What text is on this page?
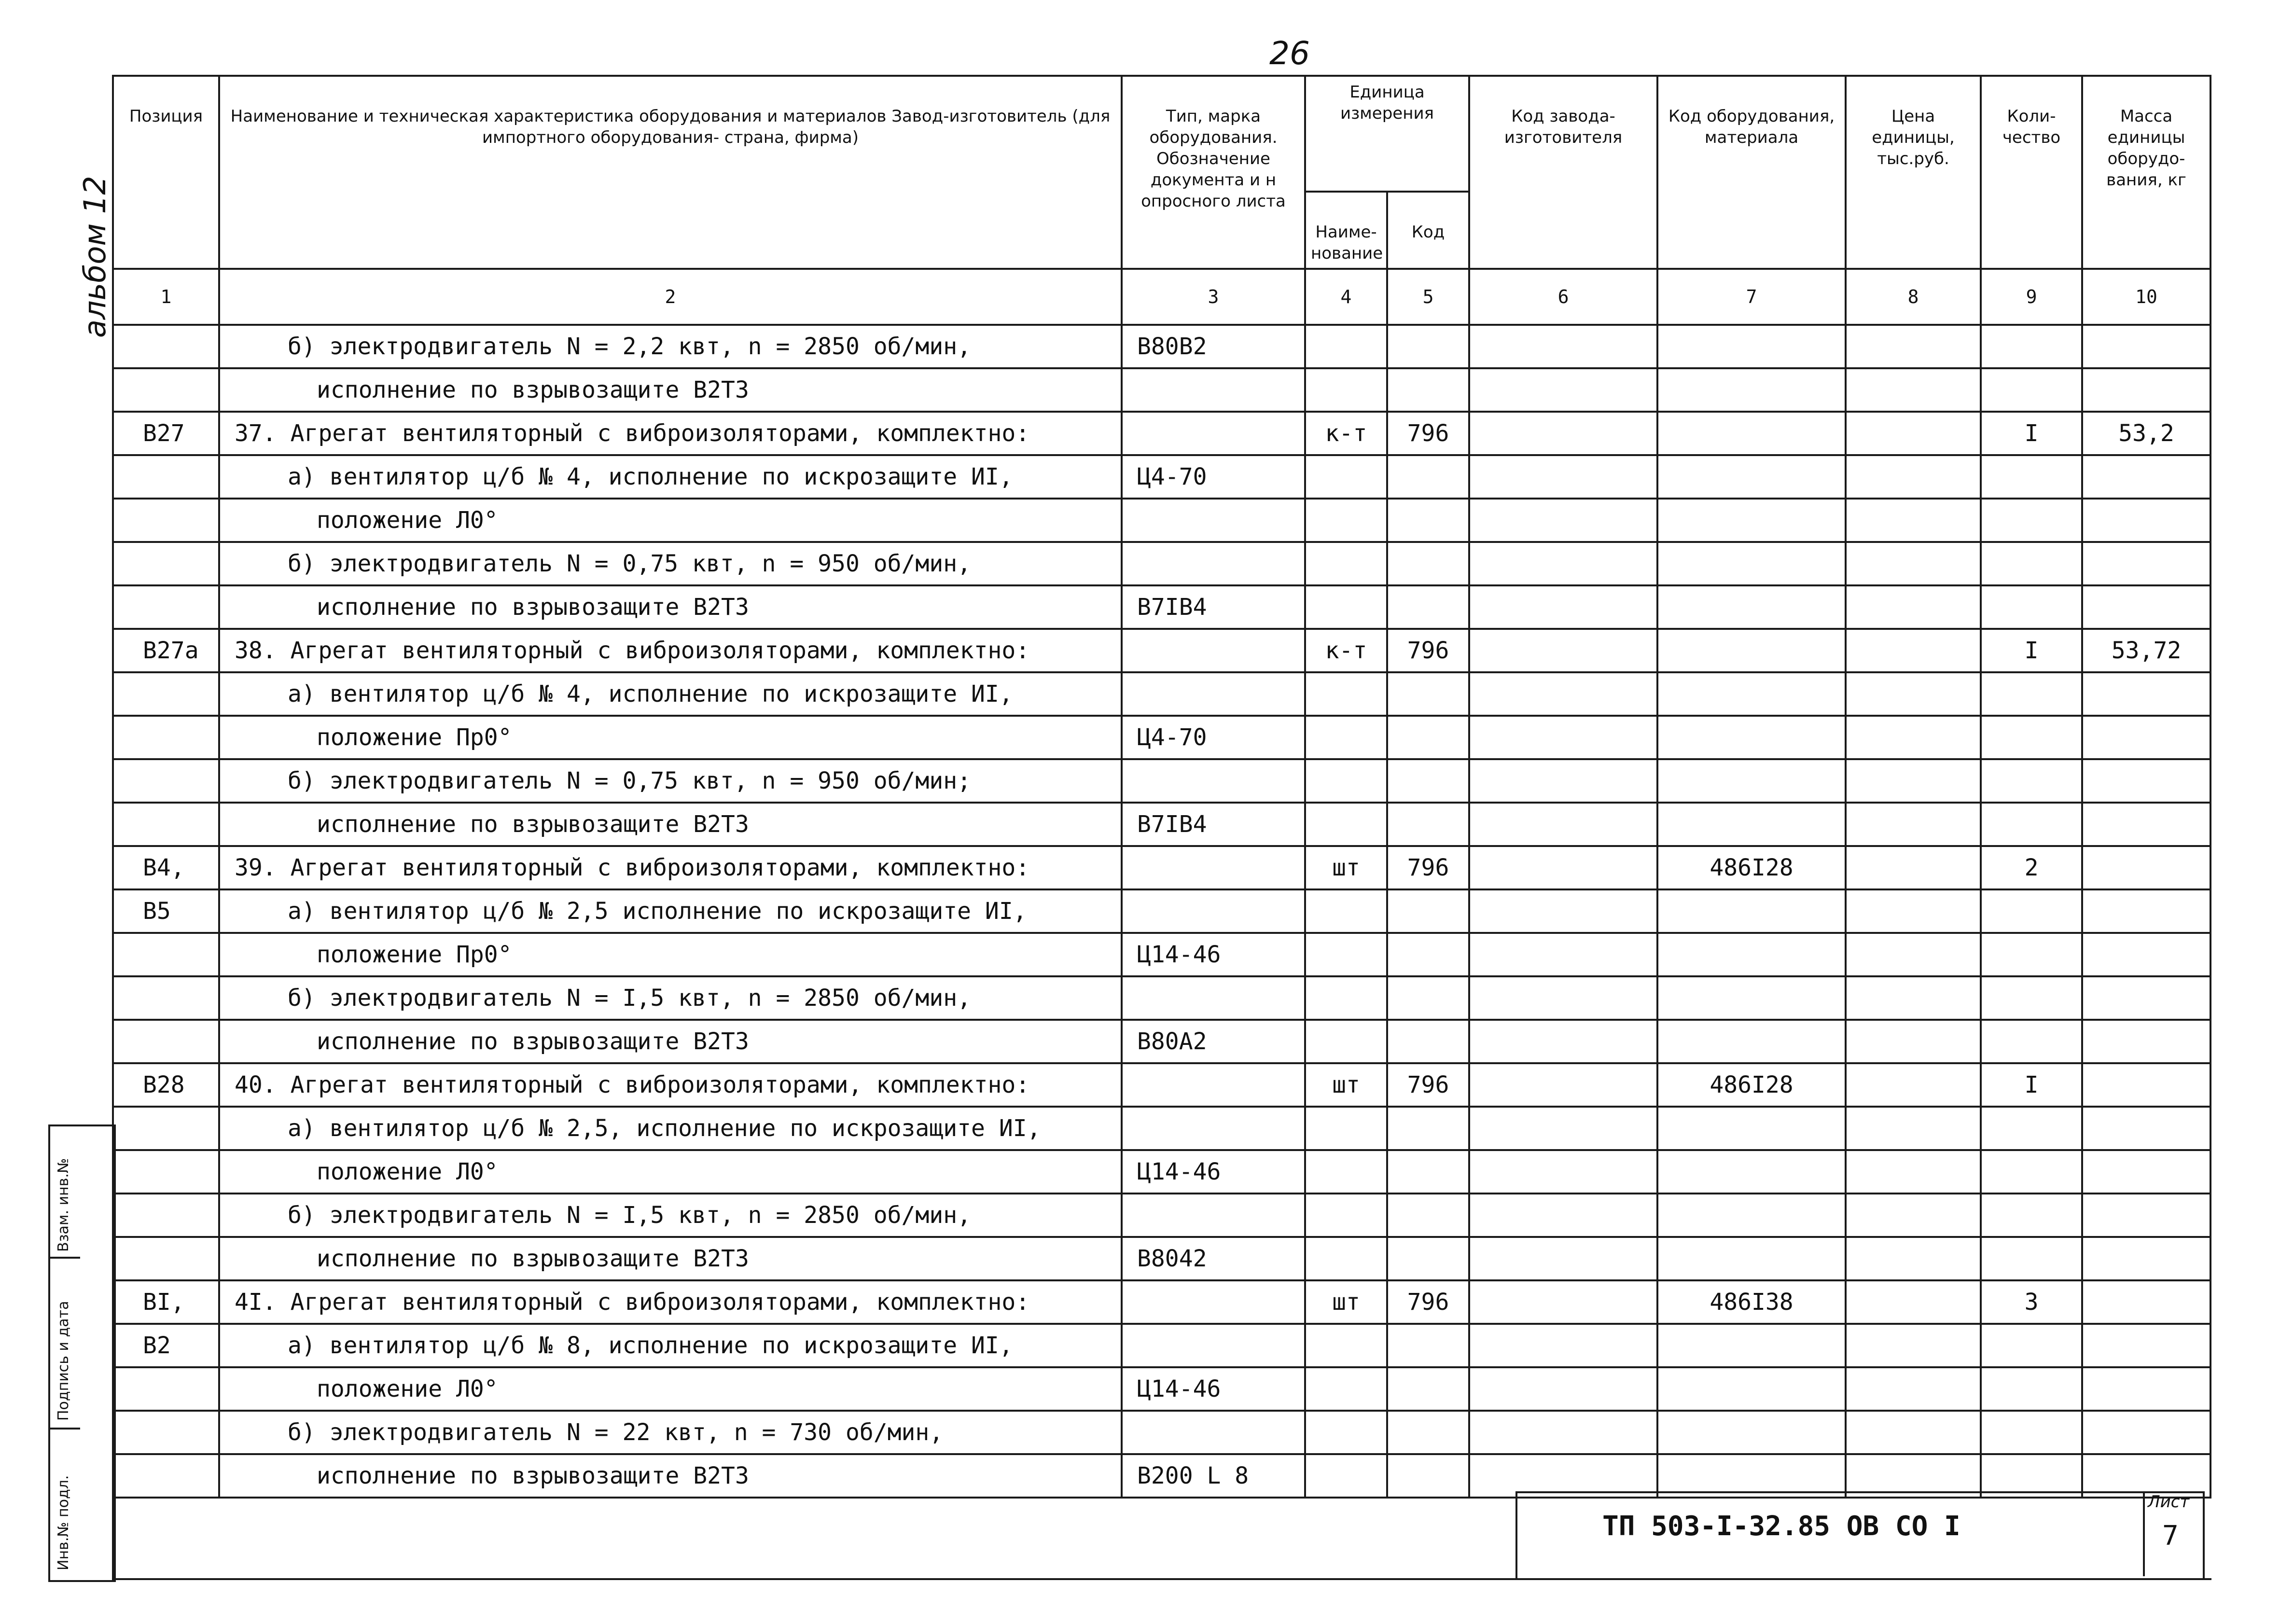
26
альбом 12
Позиция	Наименование и техническая характеристика оборудования и материалов Завод-изготовитель (для импортного оборудования- страна, фирма)	Тип, марка оборудования. Обозначение документа и н опросного листа	Единица измерения		Код завода-изготовителя	Код оборудования, материала	Цена единицы, тыс.руб.	Коли-чество	Масса единицы оборудо-вания, кг
			Наиме-нование	Код					
1	2	3	4	5	6	7	8	9	10
	б) электродвигатель N = 2,2 квт, n = 2850 об/мин,	В80В2							
	исполнение по взрывозащите В2Т3								
В27	37. Агрегат вентиляторный с виброизоляторами, комплектно:		к-т	796				I	53,2
	а) вентилятор ц/б № 4, исполнение по искрозащите ИI,	Ц4-70							
	положение Л0°								
	б) электродвигатель N = 0,75 квт, n = 950 об/мин,								
	исполнение по взрывозащите В2Т3	В7IВ4							
В27а	38. Агрегат вентиляторный с виброизоляторами, комплектно:		к-т	796				I	53,72
	а) вентилятор ц/б № 4, исполнение по искрозащите ИI,								
	положение Пр0°	Ц4-70							
	б) электродвигатель N = 0,75 квт, n = 950 об/мин;								
	исполнение по взрывозащите В2Т3	В7IВ4							
В4,	39. Агрегат вентиляторный с виброизоляторами, комплектно:		шт	796		486I28		2	
В5	а) вентилятор ц/б № 2,5 исполнение по искрозащите ИI,								
	положение Пр0°	Ц14-46							
	б) электродвигатель N = I,5 квт, n = 2850 об/мин,								
	исполнение по взрывозащите В2Т3	В80А2							
В28	40. Агрегат вентиляторный с виброизоляторами, комплектно:		шт	796		486I28		I	
	а) вентилятор ц/б № 2,5, исполнение по искрозащите ИI,								
	положение Л0°	Ц14-46							
	б) электродвигатель N = I,5 квт, n = 2850 об/мин,								
	исполнение по взрывозащите В2Т3	В8042							
ВI,	4I. Агрегат вентиляторный с виброизоляторами, комплектно:		шт	796		486I38		3	
В2	а) вентилятор ц/б № 8, исполнение по искрозащите ИI,								
	положение Л0°	Ц14-46							
	б) электродвигатель N = 22 квт, n = 730 об/мин,								
	исполнение по взрывозащите В2Т3	В200 L 8							
Взам. инв.№
Подпись и дата
Инв.№ подл.	ТП 503-I-32.85 ОВ СО I
Лист
7
